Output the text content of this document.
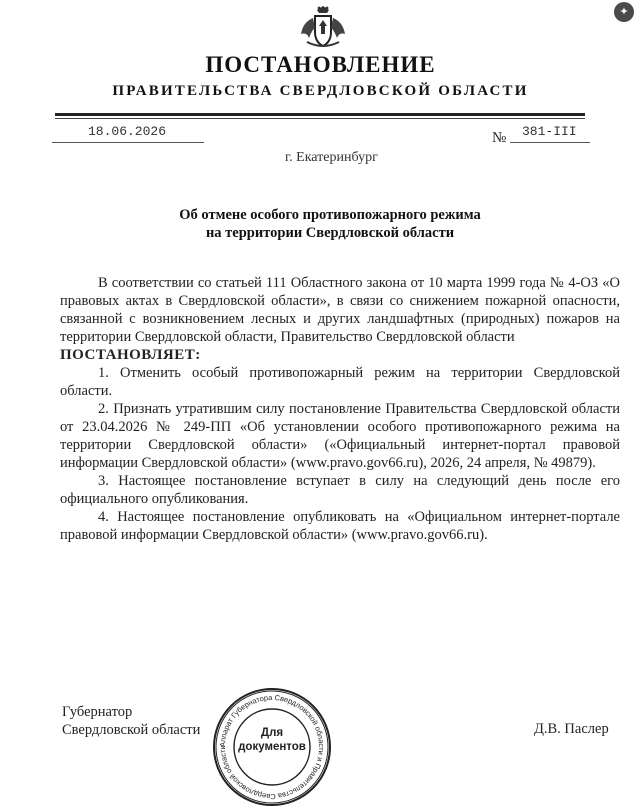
ПОСТАНОВЛЕНИЕ
ПРАВИТЕЛЬСТВА СВЕРДЛОВСКОЙ ОБЛАСТИ
18.06.2026	№ 381-III
г. Екатеринбург
Об отмене особого противопожарного режима
на территории Свердловской области

В соответствии со статьей 111 Областного закона от 10 марта 1999 года № 4-ОЗ «О правовых актах в Свердловской области», в связи со снижением пожарной опасности, связанной с возникновением лесных и других ландшафтных (природных) пожаров на территории Свердловской области, Правительство Свердловской области

ПОСТАНОВЛЯЕТ:

1. Отменить особый противопожарный режим на территории Свердловской области.

2. Признать утратившим силу постановление Правительства Свердловской области от 23.04.2026 № 249-ПП «Об установлении особого противопожарного режима на территории Свердловской области» («Официальный интернет-портал правовой информации Свердловской области» (www.pravo.gov66.ru), 2026, 24 апреля, № 49879).

3. Настоящее постановление вступает в силу на следующий день после его официального опубликования.

4. Настоящее постановление опубликовать на «Официальном интернет-портале правовой информации Свердловской области» (www.pravo.gov66.ru).

Губернатор
Свердловской области	Д.В. Паслер
Аппарат Губернатора Свердловской области и Правительства Свердловской области
Для
документов
✦
